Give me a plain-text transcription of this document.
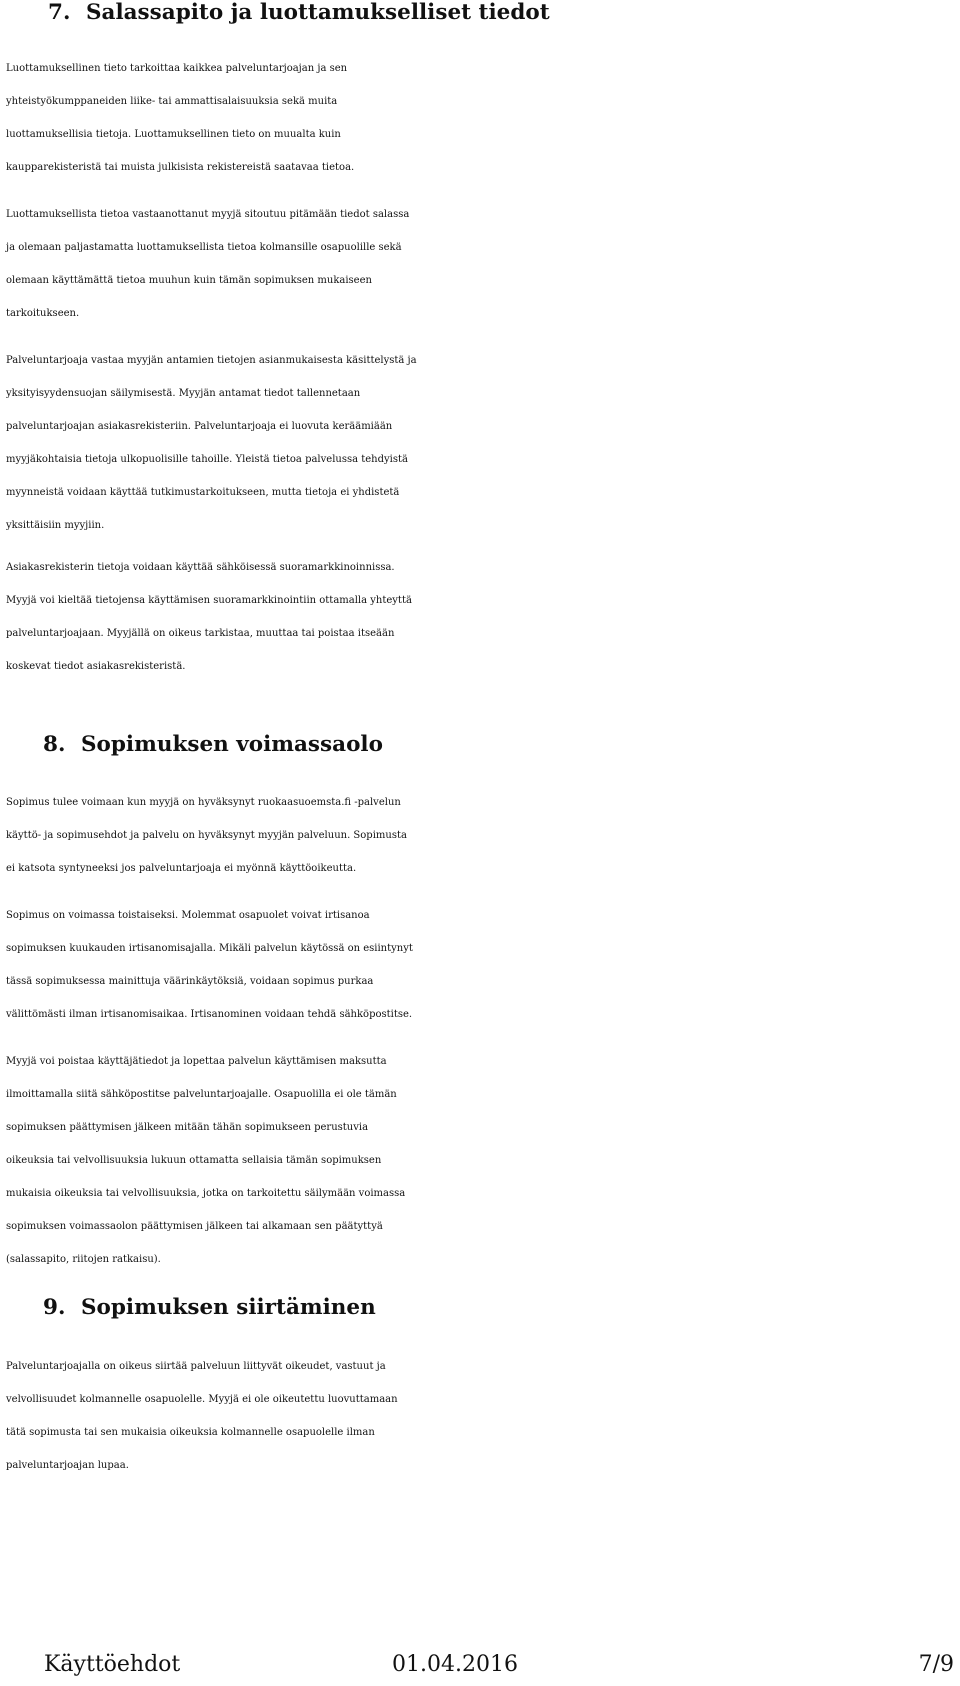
7. Salassapito ja luottamukselliset tiedot
Luottamuksellinen tieto tarkoittaa kaikkea palveluntarjoajan ja sen
yhteistyökumppaneiden liike- tai ammattisalaisuuksia sekä muita
luottamuksellisia tietoja. Luottamuksellinen tieto on muualta kuin
kaupparekisteristä tai muista julkisista rekistereistä saatavaa tietoa.
Luottamuksellista tietoa vastaanottanut myyjä sitoutuu pitämään tiedot salassa
ja olemaan paljastamatta luottamuksellista tietoa kolmansille osapuolille sekä
olemaan käyttämättä tietoa muuhun kuin tämän sopimuksen mukaiseen
tarkoitukseen.
Palveluntarjoaja vastaa myyjän antamien tietojen asianmukaisesta käsittelystä ja
yksityisyydensuojan säilymisestä. Myyjän antamat tiedot tallennetaan
palveluntarjoajan asiakasrekisteriin. Palveluntarjoaja ei luovuta keräämiään
myyjäkohtaisia tietoja ulkopuolisille tahoille. Yleistä tietoa palvelussa tehdyistä
myynneistä voidaan käyttää tutkimustarkoitukseen, mutta tietoja ei yhdistetä
yksittäisiin myyjiin.
Asiakasrekisterin tietoja voidaan käyttää sähköisessä suoramarkkinoinnissa.
Myyjä voi kieltää tietojensa käyttämisen suoramarkkinointiin ottamalla yhteyttä
palveluntarjoajaan. Myyjällä on oikeus tarkistaa, muuttaa tai poistaa itseään
koskevat tiedot asiakasrekisteristä.
8. Sopimuksen voimassaolo
Sopimus tulee voimaan kun myyjä on hyväksynyt ruokaasuoemsta.fi -palvelun
käyttö- ja sopimusehdot ja palvelu on hyväksynyt myyjän palveluun. Sopimusta
ei katsota syntyneeksi jos palveluntarjoaja ei myönnä käyttöoikeutta.
Sopimus on voimassa toistaiseksi. Molemmat osapuolet voivat irtisanoa
sopimuksen kuukauden irtisanomisajalla. Mikäli palvelun käytössä on esiintynyt
tässä sopimuksessa mainittuja väärinkäytöksiä, voidaan sopimus purkaa
välittömästi ilman irtisanomisaikaa. Irtisanominen voidaan tehdä sähköpostitse.
Myyjä voi poistaa käyttäjätiedot ja lopettaa palvelun käyttämisen maksutta
ilmoittamalla siitä sähköpostitse palveluntarjoajalle. Osapuolilla ei ole tämän
sopimuksen päättymisen jälkeen mitään tähän sopimukseen perustuvia
oikeuksia tai velvollisuuksia lukuun ottamatta sellaisia tämän sopimuksen
mukaisia oikeuksia tai velvollisuuksia, jotka on tarkoitettu säilymään voimassa
sopimuksen voimassaolon päättymisen jälkeen tai alkamaan sen päätyttyä
(salassapito, riitojen ratkaisu).
9. Sopimuksen siirtäminen
Palveluntarjoajalla on oikeus siirtää palveluun liittyvät oikeudet, vastuut ja
velvollisuudet kolmannelle osapuolelle. Myyjä ei ole oikeutettu luovuttamaan
tätä sopimusta tai sen mukaisia oikeuksia kolmannelle osapuolelle ilman
palveluntarjoajan lupaa.
Käyttöehdot	01.04.2016	7/9
